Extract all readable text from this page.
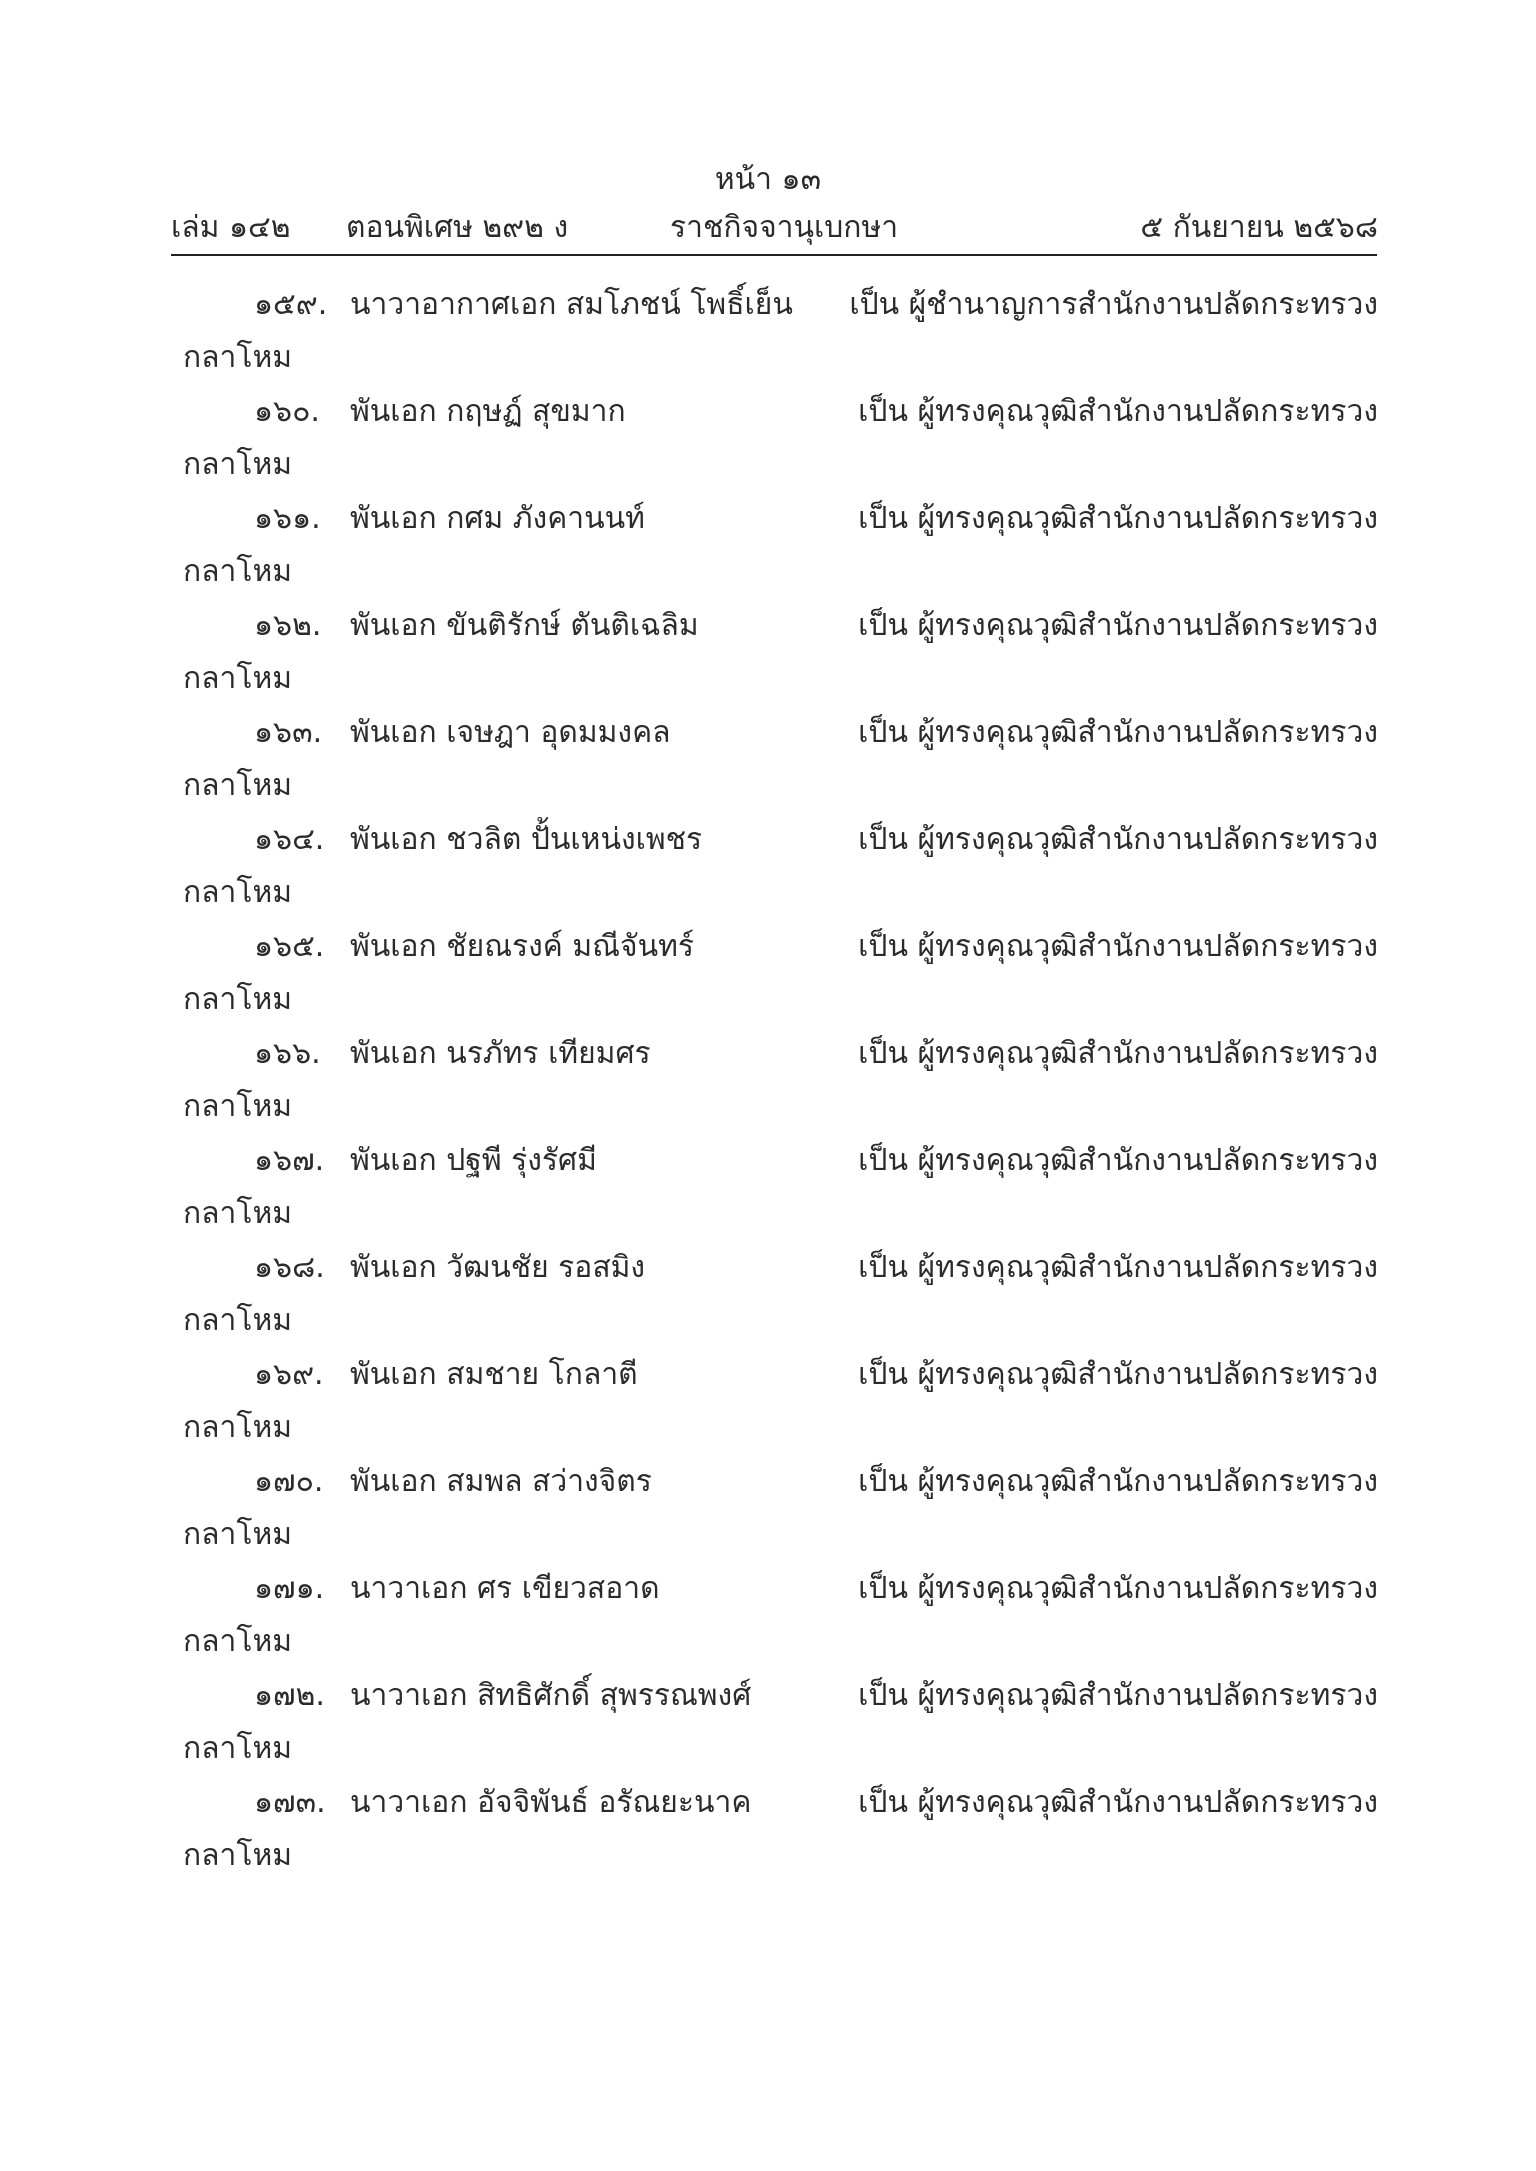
หน้า ๑๓
เล่ม ๑๔๒ ตอนพิเศษ ๒๙๒ ง	ราชกิจจานุเบกษา	๕ กันยายน ๒๕๖๘
๑๕๙. นาวาอากาศเอก สมโภชน์ โพธิ์เย็น เป็น ผู้ชำนาญการสำนักงานปลัดกระทรวง
กลาโหม
๑๖๐. พันเอก กฤษฏ์ สุขมาก	เป็น ผู้ทรงคุณวุฒิสำนักงานปลัดกระทรวง
กลาโหม
๑๖๑. พันเอก กศม ภังคานนท์	เป็น ผู้ทรงคุณวุฒิสำนักงานปลัดกระทรวง
กลาโหม
๑๖๒. พันเอก ขันติรักษ์ ตันติเฉลิม	เป็น ผู้ทรงคุณวุฒิสำนักงานปลัดกระทรวง
กลาโหม
๑๖๓. พันเอก เจษฎา อุดมมงคล	เป็น ผู้ทรงคุณวุฒิสำนักงานปลัดกระทรวง
กลาโหม
๑๖๔. พันเอก ชวลิต ปั้นเหน่งเพชร	เป็น ผู้ทรงคุณวุฒิสำนักงานปลัดกระทรวง
กลาโหม
๑๖๕. พันเอก ชัยณรงค์ มณีจันทร์	เป็น ผู้ทรงคุณวุฒิสำนักงานปลัดกระทรวง
กลาโหม
๑๖๖. พันเอก นรภัทร เทียมศร	เป็น ผู้ทรงคุณวุฒิสำนักงานปลัดกระทรวง
กลาโหม
๑๖๗. พันเอก ปฐพี รุ่งรัศมี	เป็น ผู้ทรงคุณวุฒิสำนักงานปลัดกระทรวง
กลาโหม
๑๖๘. พันเอก วัฒนชัย รอสมิง	เป็น ผู้ทรงคุณวุฒิสำนักงานปลัดกระทรวง
กลาโหม
๑๖๙. พันเอก สมชาย โกลาตี	เป็น ผู้ทรงคุณวุฒิสำนักงานปลัดกระทรวง
กลาโหม
๑๗๐. พันเอก สมพล สว่างจิตร	เป็น ผู้ทรงคุณวุฒิสำนักงานปลัดกระทรวง
กลาโหม
๑๗๑. นาวาเอก ศร เขียวสอาด	เป็น ผู้ทรงคุณวุฒิสำนักงานปลัดกระทรวง
กลาโหม
๑๗๒. นาวาเอก สิทธิศักดิ์ สุพรรณพงศ์	เป็น ผู้ทรงคุณวุฒิสำนักงานปลัดกระทรวง
กลาโหม
๑๗๓. นาวาเอก อัจจิพันธ์ อรัณยะนาค	เป็น ผู้ทรงคุณวุฒิสำนักงานปลัดกระทรวง
กลาโหม
